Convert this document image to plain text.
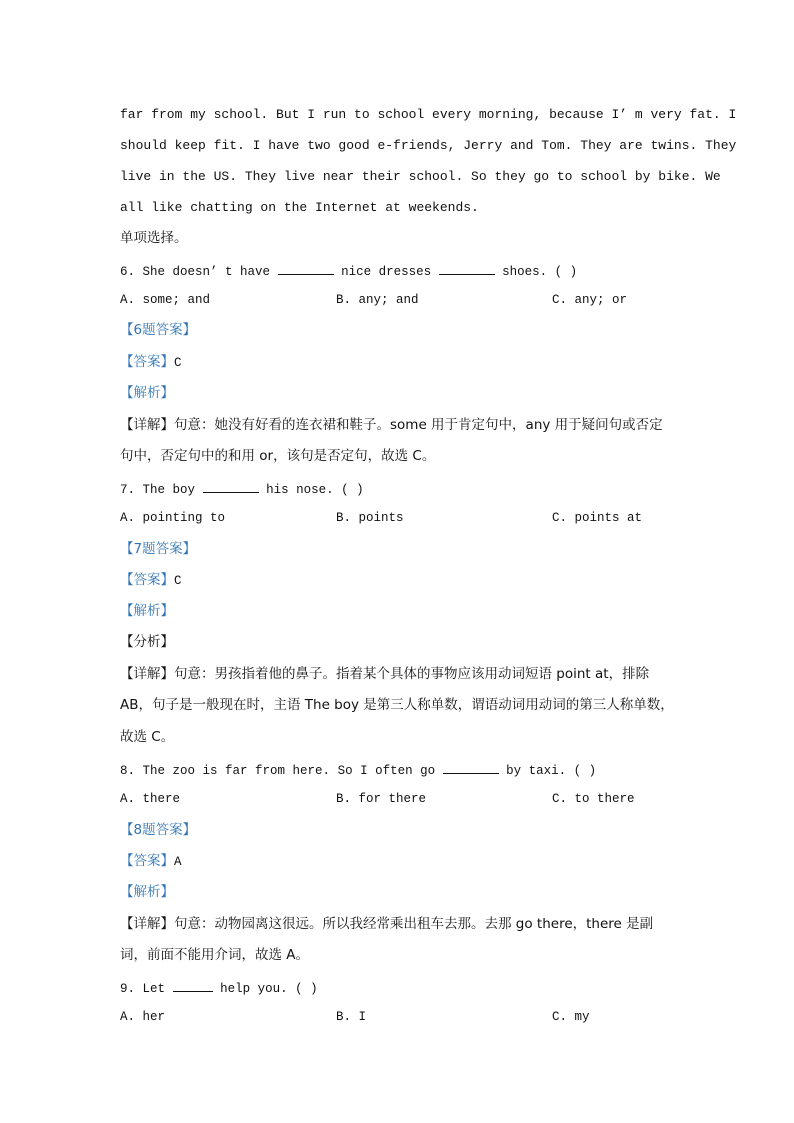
far from my school. But I run to school every morning, because I’ m very fat. I
should keep fit. I have two good e-friends, Jerry and Tom. They are twins. They
live in the US. They live near their school. So they go to school by bike. We
all like chatting on the Internet at weekends.
单项选择。
6. She doesn’ t have	nice dresses	shoes. ( )
A. some; and	B. any; and	C. any; or
【6题答案】
【答案】C
【解析】
【详解】句意：她没有好看的连衣裙和鞋子。some 用于肯定句中，any 用于疑问句或否定
句中，否定句中的和用 or，该句是否定句，故选 C。
7. The boy	his nose. ( )
A. pointing to	B. points	C. points at
【7题答案】
【答案】C
【解析】
【分析】
【详解】句意：男孩指着他的鼻子。指着某个具体的事物应该用动词短语 point at，排除
AB，句子是一般现在时，主语 The boy 是第三人称单数，谓语动词用动词的第三人称单数，
故选 C。
8. The zoo is far from here. So I often go	by taxi. ( )
A. there	B. for there	C. to there
【8题答案】
【答案】A
【解析】
【详解】句意：动物园离这很远。所以我经常乘出租车去那。去那 go there，there 是副
词，前面不能用介词，故选 A。
9. Let	help you. ( )
A. her	B. I	C. my
